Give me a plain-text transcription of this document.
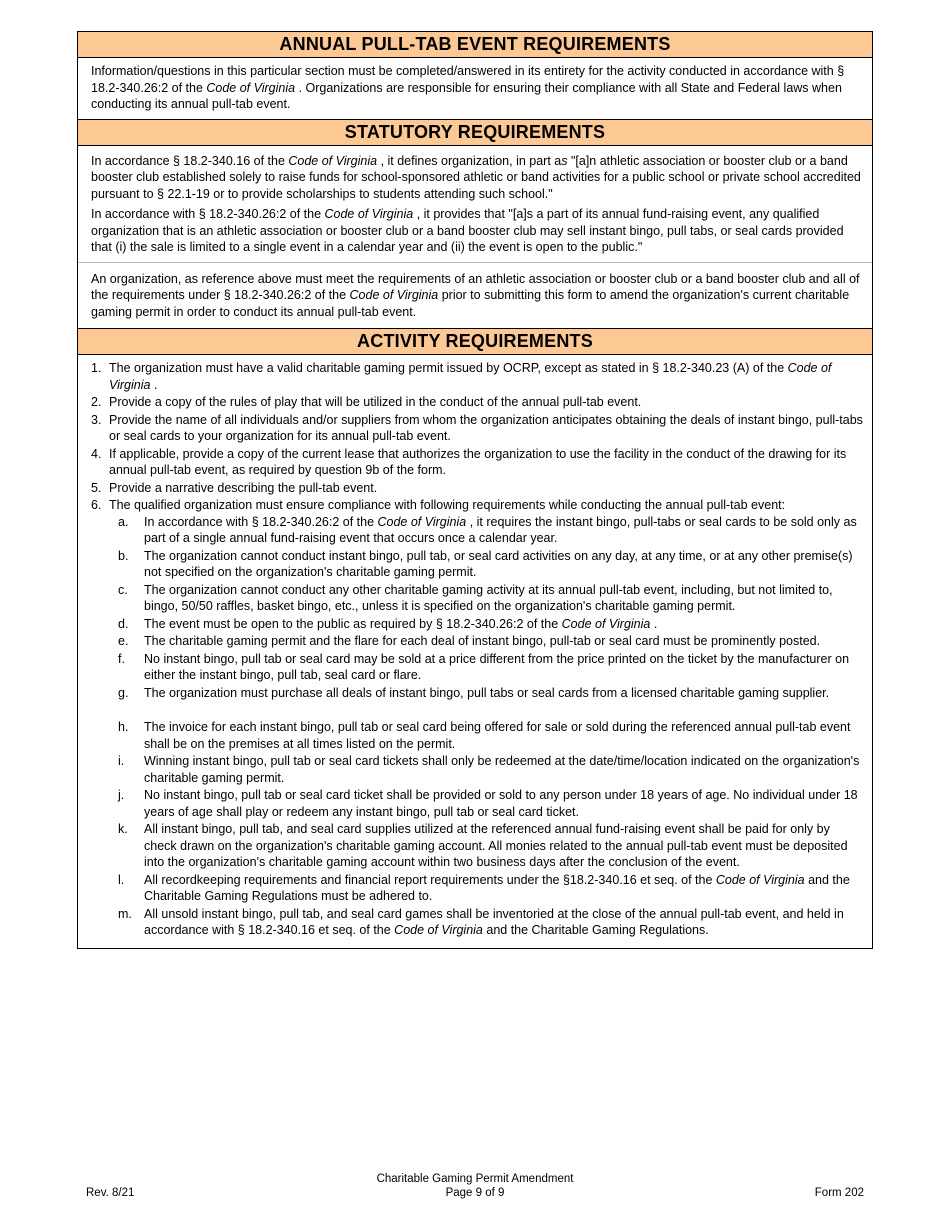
ANNUAL PULL-TAB EVENT REQUIREMENTS
Information/questions in this particular section must be completed/answered in its entirety for the activity conducted in accordance with § 18.2-340.26:2 of the Code of Virginia . Organizations are responsible for ensuring their compliance with all State and Federal laws when conducting its annual pull-tab event.
STATUTORY REQUIREMENTS
In accordance § 18.2-340.16 of the Code of Virginia , it defines organization, in part as "[a]n athletic association or booster club or a band booster club established solely to raise funds for school-sponsored athletic or band activities for a public school or private school accredited pursuant to § 22.1-19 or to provide scholarships to students attending such school."
In accordance with § 18.2-340.26:2 of the Code of Virginia , it provides that "[a]s a part of its annual fund-raising event, any qualified organization that is an athletic association or booster club or a band booster club may sell instant bingo, pull tabs, or seal cards provided that (i) the sale is limited to a single event in a calendar year and (ii) the event is open to the public."
An organization, as reference above must meet the requirements of an athletic association or booster club or a band booster club and all of the requirements under § 18.2-340.26:2 of the Code of Virginia prior to submitting this form to amend the organization's current charitable gaming permit in order to conduct its annual pull-tab event.
ACTIVITY REQUIREMENTS
1. The organization must have a valid charitable gaming permit issued by OCRP, except as stated in § 18.2-340.23 (A) of the Code of Virginia .
2. Provide a copy of the rules of play that will be utilized in the conduct of the annual pull-tab event.
3. Provide the name of all individuals and/or suppliers from whom the organization anticipates obtaining the deals of instant bingo, pull-tabs or seal cards to your organization for its annual pull-tab event.
4. If applicable, provide a copy of the current lease that authorizes the organization to use the facility in the conduct of the drawing for its annual pull-tab event, as required by question 9b of the form.
5. Provide a narrative describing the pull-tab event.
6. The qualified organization must ensure compliance with following requirements while conducting the annual pull-tab event:
a. In accordance with § 18.2-340.26:2 of the Code of Virginia , it requires the instant bingo, pull-tabs or seal cards to be sold only as part of a single annual fund-raising event that occurs once a calendar year.
b. The organization cannot conduct instant bingo, pull tab, or seal card activities on any day, at any time, or at any other premise(s) not specified on the organization's charitable gaming permit.
c. The organization cannot conduct any other charitable gaming activity at its annual pull-tab event, including, but not limited to, bingo, 50/50 raffles, basket bingo, etc., unless it is specified on the organization's charitable gaming permit.
d. The event must be open to the public as required by § 18.2-340.26:2 of the Code of Virginia .
e. The charitable gaming permit and the flare for each deal of instant bingo, pull-tab or seal card must be prominently posted.
f. No instant bingo, pull tab or seal card may be sold at a price different from the price printed on the ticket by the manufacturer on either the instant bingo, pull tab, seal card or flare.
g. The organization must purchase all deals of instant bingo, pull tabs or seal cards from a licensed charitable gaming supplier.
h. The invoice for each instant bingo, pull tab or seal card being offered for sale or sold during the referenced annual pull-tab event shall be on the premises at all times listed on the permit.
i. Winning instant bingo, pull tab or seal card tickets shall only be redeemed at the date/time/location indicated on the organization's charitable gaming permit.
j. No instant bingo, pull tab or seal card ticket shall be provided or sold to any person under 18 years of age. No individual under 18 years of age shall play or redeem any instant bingo, pull tab or seal card ticket.
k. All instant bingo, pull tab, and seal card supplies utilized at the referenced annual fund-raising event shall be paid for only by check drawn on the organization's charitable gaming account. All monies related to the annual pull-tab event must be deposited into the organization's charitable gaming account within two business days after the conclusion of the event.
l. All recordkeeping requirements and financial report requirements under the §18.2-340.16 et seq. of the Code of Virginia and the Charitable Gaming Regulations must be adhered to.
m. All unsold instant bingo, pull tab, and seal card games shall be inventoried at the close of the annual pull-tab event, and held in accordance with § 18.2-340.16 et seq. of the Code of Virginia and the Charitable Gaming Regulations.
Rev. 8/21
Charitable Gaming Permit Amendment
Page 9 of 9	Form 202
